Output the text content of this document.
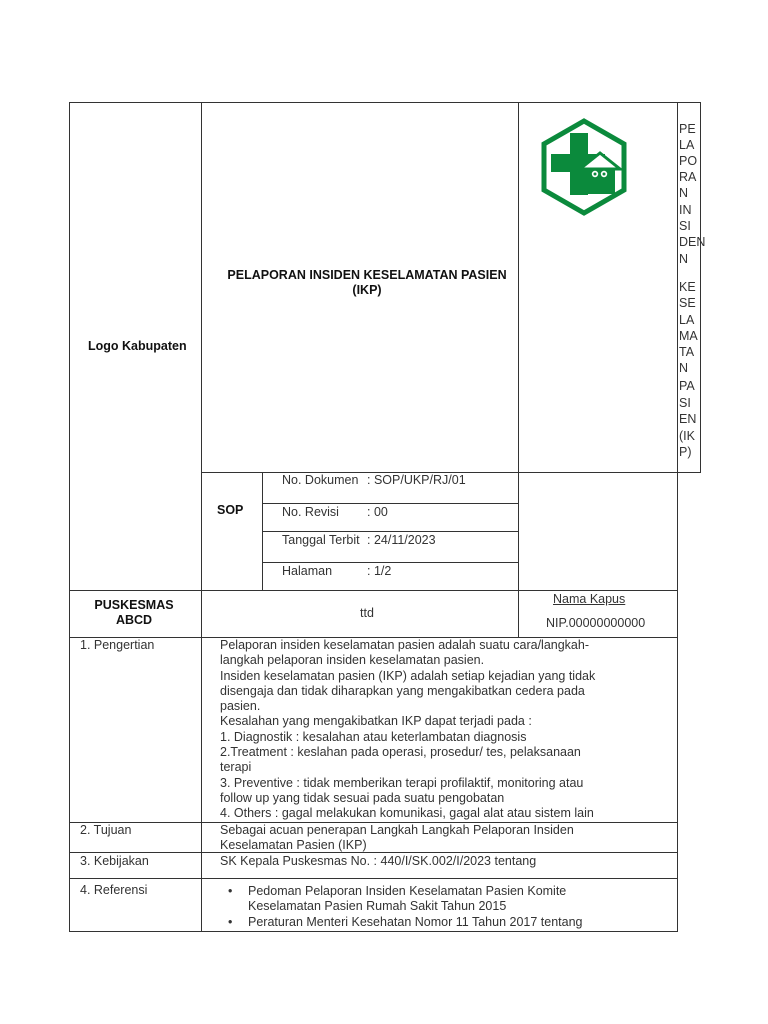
Logo Kabupaten
PELAPORAN INSIDEN KESELAMATAN PASIEN (IKP)
PE
LA
PO
RA
N
IN
SI
DEN
N
KE
SE
LA
MA
TA
N
PA
SI
EN
(IK
P)
SOP
No. Dokumen : SOP/UKP/RJ/01
No. Revisi : 00
Tanggal Terbit : 24/11/2023
Halaman	: 1/2
PUSKESMAS ABCD	ttd
Nama Kapus
NIP.00000000000
1. Pengertian	Pelaporan insiden keselamatan pasien adalah suatu cara/langkah-
langkah pelaporan insiden keselamatan pasien.
Insiden keselamatan pasien (IKP) adalah setiap kejadian yang tidak
disengaja dan tidak diharapkan yang mengakibatkan cedera pada
pasien.
Kesalahan yang mengakibatkan IKP dapat terjadi pada :
1. Diagnostik : kesalahan atau keterlambatan diagnosis
2.Treatment : keslahan pada operasi, prosedur/ tes, pelaksanaan
terapi
3. Preventive : tidak memberikan terapi profilaktif, monitoring atau
follow up yang tidak sesuai pada suatu pengobatan
4. Others : gagal melakukan komunikasi, gagal alat atau sistem lain
2. Tujuan	Sebagai acuan penerapan Langkah Langkah Pelaporan Insiden
Keselamatan Pasien (IKP)
3. Kebijakan	SK Kepala Puskesmas No. : 440/I/SK.002/I/2023 tentang
4. Referensi
•	Pedoman Pelaporan Insiden Keselamatan Pasien Komite
Keselamatan Pasien Rumah Sakit Tahun 2015
• Peraturan Menteri Kesehatan Nomor 11 Tahun 2017 tentang
